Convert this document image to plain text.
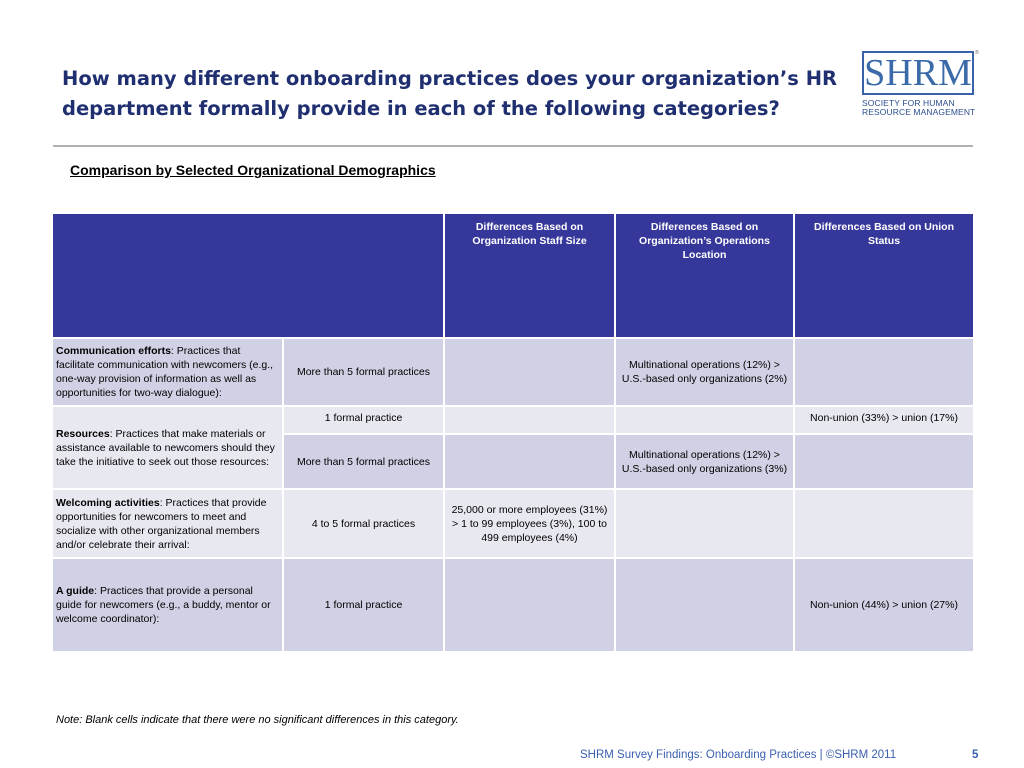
How many different onboarding practices does your organization’s HR department formally provide in each of the following categories?
SHRM ®
SOCIETY FOR HUMAN
RESOURCE MANAGEMENT

Comparison by Selected Organizational Demographics

		Differences Based on Organization Staff Size	Differences Based on Organization’s Operations Location	Differences Based on Union Status
Communication efforts: Practices that facilitate communication with newcomers (e.g., one-way provision of information as well as opportunities for two-way dialogue):	More than 5 formal practices		Multinational operations (12%) > U.S.-based only organizations (2%)	
Resources: Practices that make materials or assistance available to newcomers should they take the initiative to seek out those resources:	1 formal practice			Non-union (33%) > union (17%)
	More than 5 formal practices		Multinational operations (12%) > U.S.-based only organizations (3%)	
Welcoming activities: Practices that provide opportunities for newcomers to meet and socialize with other organizational members and/or celebrate their arrival:	4 to 5 formal practices	25,000 or more employees (31%) > 1 to 99 employees (3%), 100 to 499 employees (4%)		
A guide: Practices that provide a personal guide for newcomers (e.g., a buddy, mentor or welcome coordinator):	1 formal practice			Non-union (44%) > union (27%)

Note: Blank cells indicate that there were no significant differences in this category.

SHRM Survey Findings: Onboarding Practices | ©SHRM 2011	5
